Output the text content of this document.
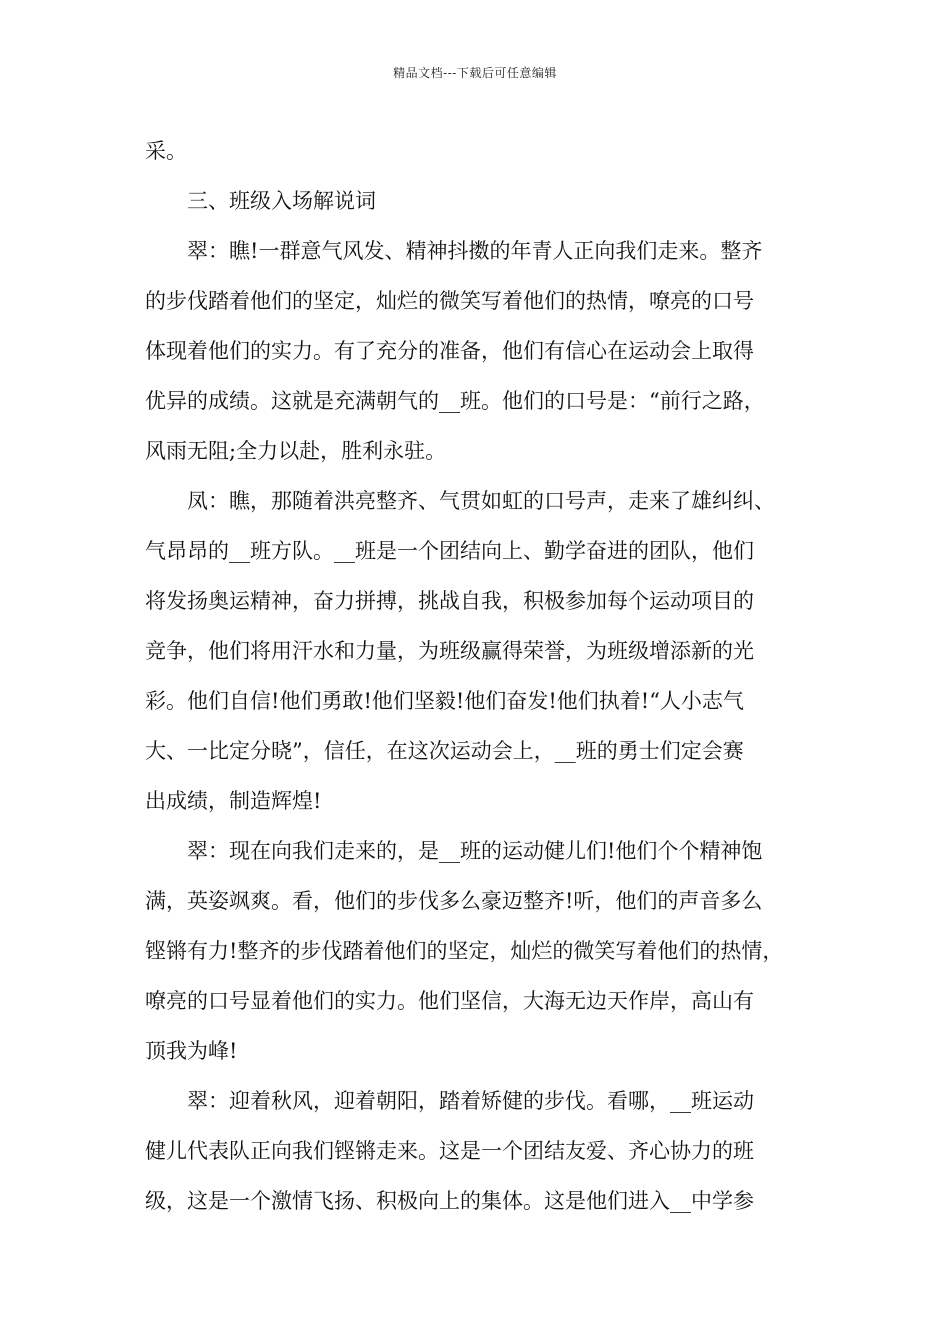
精品文档---下载后可任意编辑
采。
三、班级入场解说词
翠：瞧!一群意气风发、精神抖擞的年青人正向我们走来。整齐
的步伐踏着他们的坚定，灿烂的微笑写着他们的热情，嘹亮的口号
体现着他们的实力。有了充分的准备，他们有信心在运动会上取得
优异的成绩。这就是充满朝气的__班。他们的口号是：“前行之路，
风雨无阻;全力以赴，胜利永驻。
凤：瞧，那随着洪亮整齐、气贯如虹的口号声，走来了雄纠纠、
气昂昂的__班方队。__班是一个团结向上、勤学奋进的团队，他们
将发扬奥运精神，奋力拼搏，挑战自我，积极参加每个运动项目的
竞争，他们将用汗水和力量，为班级赢得荣誉，为班级增添新的光
彩。他们自信!他们勇敢!他们坚毅!他们奋发!他们执着!“人小志气
大、一比定分晓”，信任，在这次运动会上，__班的勇士们定会赛
出成绩，制造辉煌!
翠：现在向我们走来的，是__班的运动健儿们!他们个个精神饱
满，英姿飒爽。看，他们的步伐多么豪迈整齐!听，他们的声音多么
铿锵有力!整齐的步伐踏着他们的坚定，灿烂的微笑写着他们的热情，
嘹亮的口号显着他们的实力。他们坚信，大海无边天作岸，高山有
顶我为峰!
翠：迎着秋风，迎着朝阳，踏着矫健的步伐。看哪，__班运动
健儿代表队正向我们铿锵走来。这是一个团结友爱、齐心协力的班
级，这是一个激情飞扬、积极向上的集体。这是他们进入__中学参
